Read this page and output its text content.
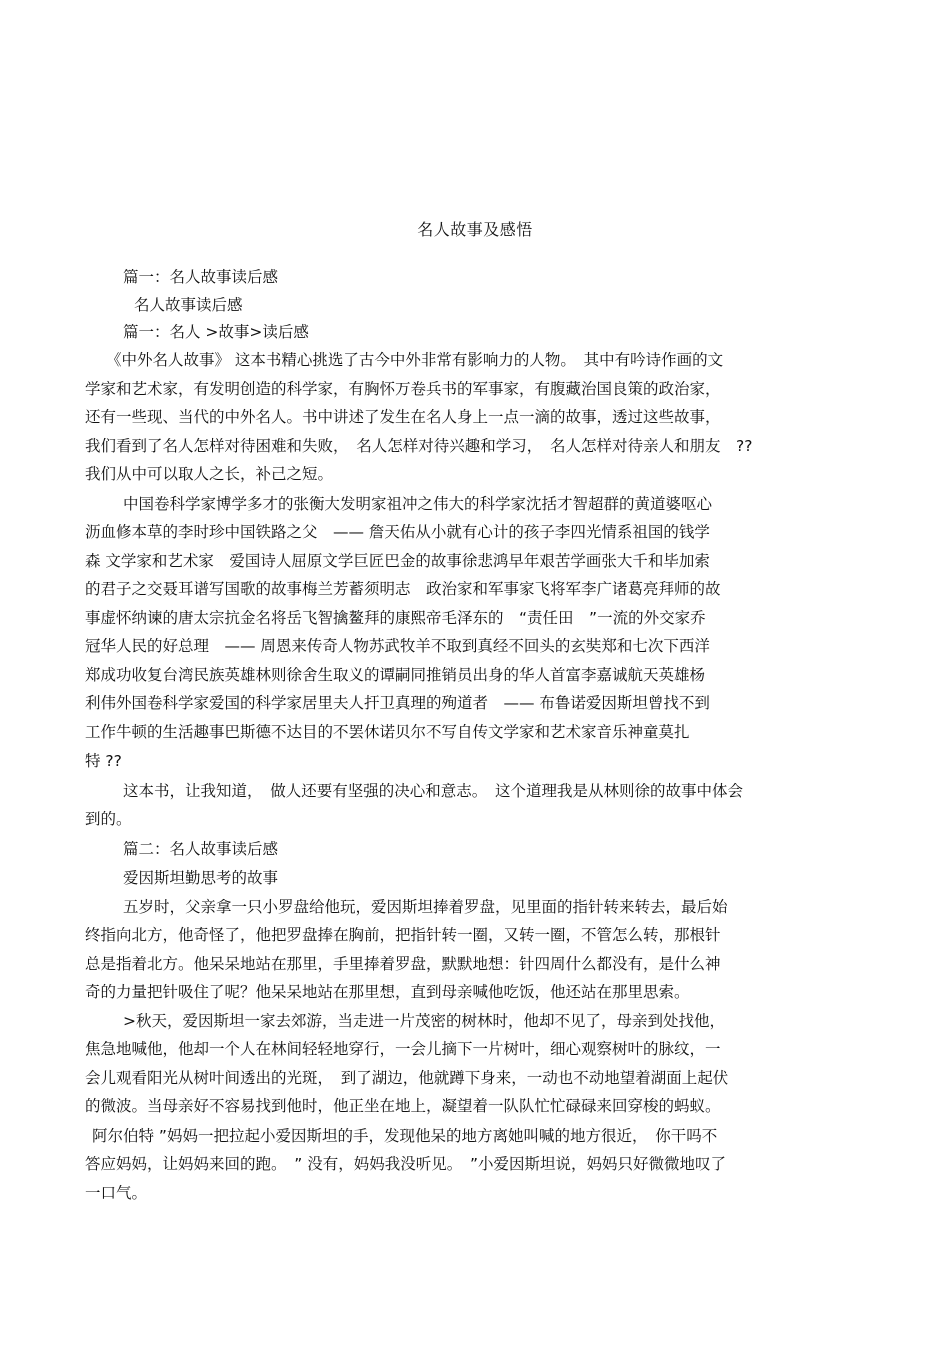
名人故事及感悟
篇一：名人故事读后感
名人故事读后感
篇一：名人 >故事>读后感
《中外名人故事》 这本书精心挑选了古今中外非常有影响力的人物。　其中有吟诗作画的文
学家和艺术家，有发明创造的科学家，有胸怀万卷兵书的军事家，有腹藏治国良策的政治家，
还有一些现、当代的中外名人。书中讲述了发生在名人身上一点一滴的故事，透过这些故事，
我们看到了名人怎样对待困难和失败，　名人怎样对待兴趣和学习，　名人怎样对待亲人和朋友　??
我们从中可以取人之长，补己之短。
中国卷科学家博学多才的张衡大发明家祖冲之伟大的科学家沈括才智超群的黄道婆呕心
沥血修本草的李时珍中国铁路之父　—— 詹天佑从小就有心计的孩子李四光情系祖国的钱学
森 文学家和艺术家　爱国诗人屈原文学巨匠巴金的故事徐悲鸿早年艰苦学画张大千和毕加索
的君子之交聂耳谱写国歌的故事梅兰芳蓄须明志　政治家和军事家飞将军李广诸葛亮拜师的故
事虚怀纳谏的唐太宗抗金名将岳飞智擒鳌拜的康熙帝毛泽东的　“责任田　”一流的外交家乔
冠华人民的好总理　—— 周恩来传奇人物苏武牧羊不取到真经不回头的玄奘郑和七次下西洋
郑成功收复台湾民族英雄林则徐舍生取义的谭嗣同推销员出身的华人首富李嘉诚航天英雄杨
利伟外国卷科学家爱国的科学家居里夫人扞卫真理的殉道者　—— 布鲁诺爱因斯坦曾找不到
工作牛顿的生活趣事巴斯德不达目的不罢休诺贝尔不写自传文学家和艺术家音乐神童莫扎
特 ??
这本书，让我知道，　做人还要有坚强的决心和意志。　这个道理我是从林则徐的故事中体会
到的。
篇二：名人故事读后感
爱因斯坦勤思考的故事
五岁时，父亲拿一只小罗盘给他玩，爱因斯坦捧着罗盘，见里面的指针转来转去，最后始
终指向北方，他奇怪了，他把罗盘捧在胸前，把指针转一圈，又转一圈，不管怎么转，那根针
总是指着北方。他呆呆地站在那里，手里捧着罗盘，默默地想：针四周什么都没有，是什么神
奇的力量把针吸住了呢？他呆呆地站在那里想，直到母亲喊他吃饭，他还站在那里思索。
>秋天，爱因斯坦一家去郊游，当走进一片茂密的树林时，他却不见了，母亲到处找他，
焦急地喊他，他却一个人在林间轻轻地穿行，一会儿摘下一片树叶，细心观察树叶的脉纹，一
会儿观看阳光从树叶间透出的光斑，　到了湖边，他就蹲下身来，一动也不动地望着湖面上起伏
的微波。当母亲好不容易找到他时，他正坐在地上，凝望着一队队忙忙碌碌来回穿梭的蚂蚁。
阿尔伯特 ”妈妈一把拉起小爱因斯坦的手，发现他呆的地方离她叫喊的地方很近，　你干吗不
答应妈妈，让妈妈来回的跑。　” 没有，妈妈我没听见。　”小爱因斯坦说，妈妈只好微微地叹了
一口气。
